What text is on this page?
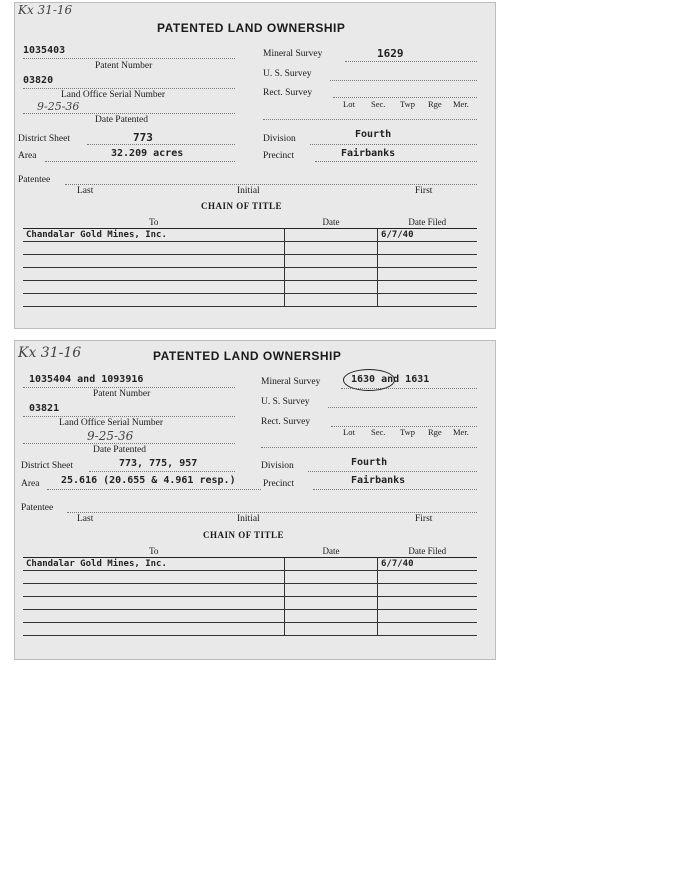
Kx 31-16
PATENTED LAND OWNERSHIP
1035403
Patent Number
03820
Land Office Serial Number
9-25-36
Date Patented
Mineral Survey	1629
U. S. Survey
Rect. Survey
Lot Sec. Twp Rge Mer.
District Sheet	773	Division	Fourth
Area	32.209 acres	Precinct	Fairbanks
Patentee
Last	Initial	First
CHAIN OF TITLE
To	Date	Date Filed
Chandalar Gold Mines, Inc.		6/7/40

Kx 31-16	PATENTED LAND OWNERSHIP
1035404 and 1093916
Patent Number
03821
Land Office Serial Number
9-25-36
Date Patented
Mineral Survey	1630 and 1631
U. S. Survey
Rect. Survey
Lot Sec. Twp Rge Mer.
District Sheet	773, 775, 957	Division	Fourth
Area 25.616 (20.655 & 4.961 resp.)	Precinct	Fairbanks
Patentee
Last	Initial	First
CHAIN OF TITLE
To	Date	Date Filed
Chandalar Gold Mines, Inc.		6/7/40
